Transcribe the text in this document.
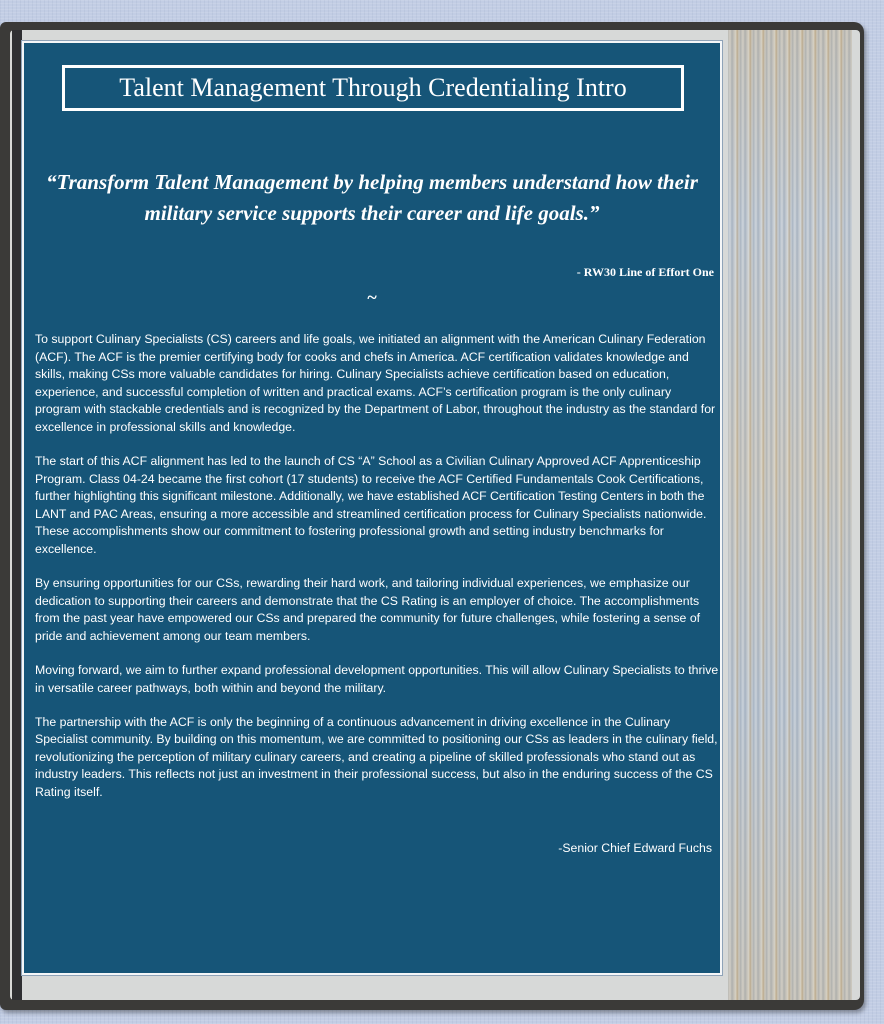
Talent Management Through Credentialing Intro
“Transform Talent Management by helping members understand how their military service supports their career and life goals.”
- RW30 Line of Effort One
~

To support Culinary Specialists (CS) careers and life goals, we initiated an alignment with the American Culinary Federation (ACF). The ACF is the premier certifying body for cooks and chefs in America. ACF certification validates knowledge and skills, making CSs more valuable candidates for hiring. Culinary Specialists achieve certification based on education, experience, and successful completion of written and practical exams. ACF’s certification program is the only culinary program with stackable credentials and is recognized by the Department of Labor, throughout the industry as the standard for excellence in professional skills and knowledge.

The start of this ACF alignment has led to the launch of CS “A” School as a Civilian Culinary Approved ACF Apprenticeship Program. Class 04-24 became the first cohort (17 students) to receive the ACF Certified Fundamentals Cook Certifications, further highlighting this significant milestone. Additionally, we have established ACF Certification Testing Centers in both the LANT and PAC Areas, ensuring a more accessible and streamlined certification process for Culinary Specialists nationwide. These accomplishments show our commitment to fostering professional growth and setting industry benchmarks for excellence.

By ensuring opportunities for our CSs, rewarding their hard work, and tailoring individual experiences, we emphasize our dedication to supporting their careers and demonstrate that the CS Rating is an employer of choice. The accomplishments from the past year have empowered our CSs and prepared the community for future challenges, while fostering a sense of pride and achievement among our team members.

Moving forward, we aim to further expand professional development opportunities. This will allow Culinary Specialists to thrive in versatile career pathways, both within and beyond the military.

The partnership with the ACF is only the beginning of a continuous advancement in driving excellence in the Culinary Specialist community. By building on this momentum, we are committed to positioning our CSs as leaders in the culinary field, revolutionizing the perception of military culinary careers, and creating a pipeline of skilled professionals who stand out as industry leaders. This reflects not just an investment in their professional success, but also in the enduring success of the CS Rating itself.

-Senior Chief Edward Fuchs
